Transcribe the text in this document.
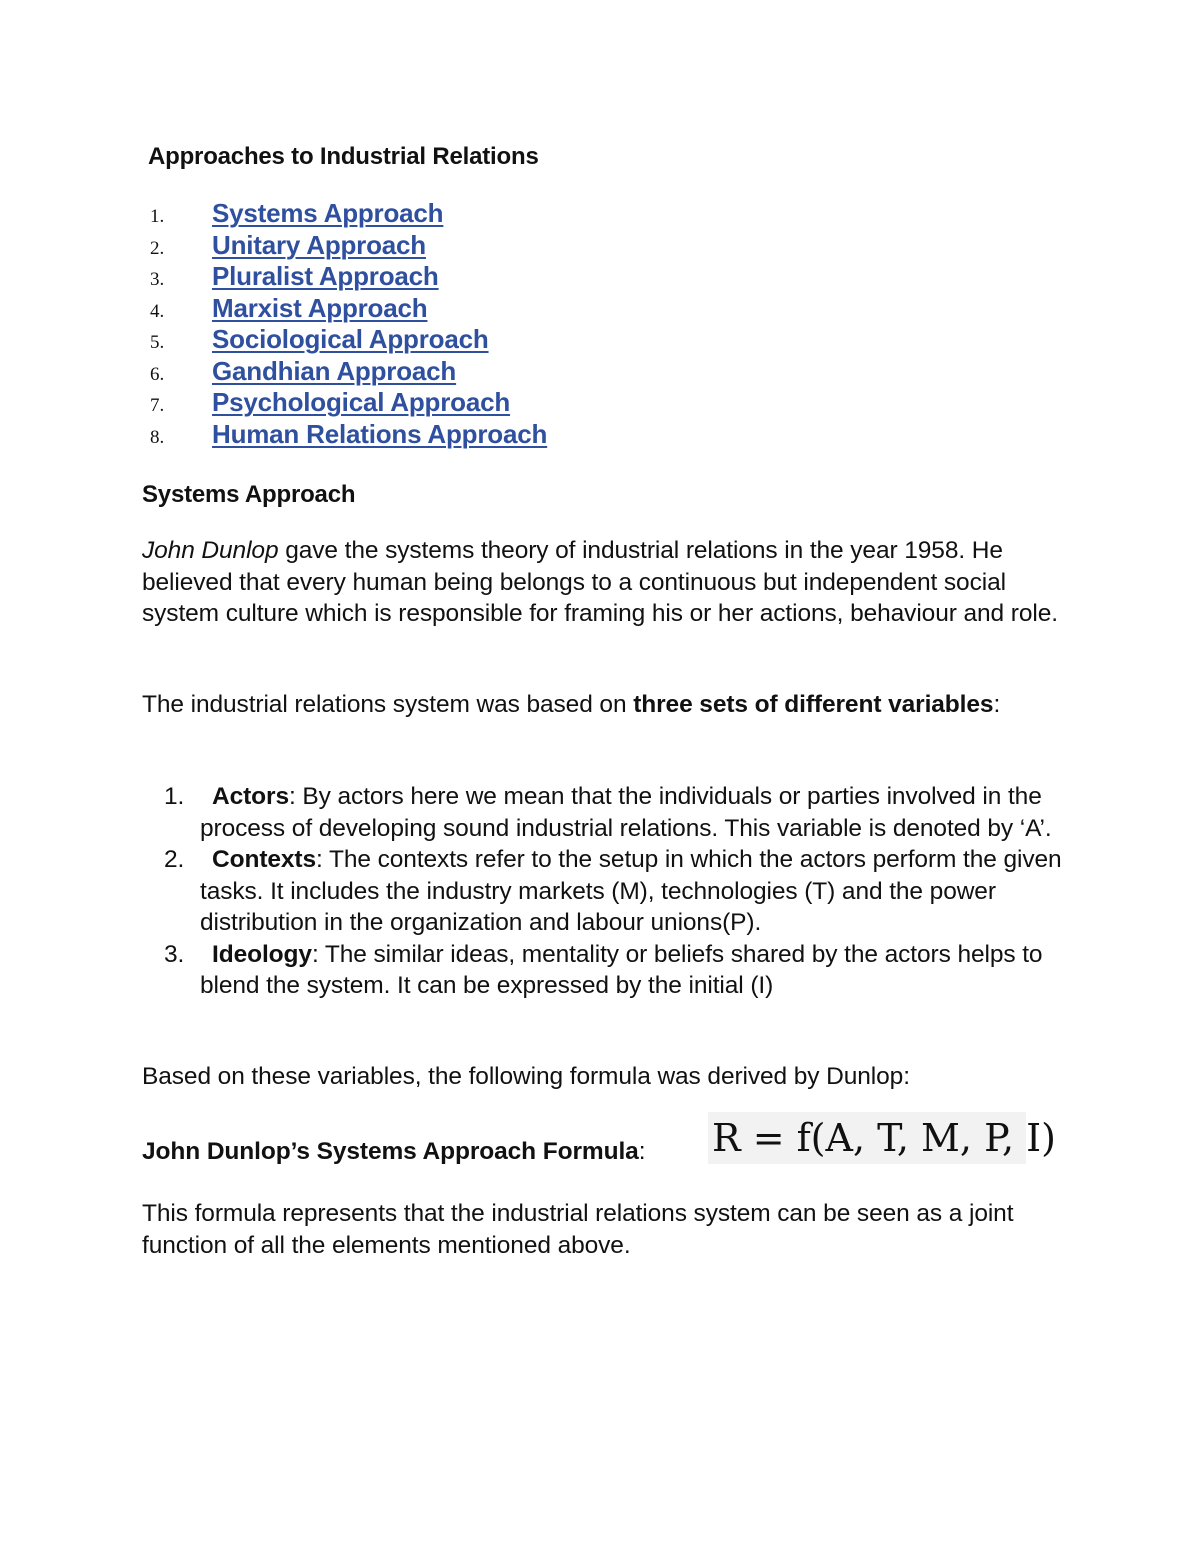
Approaches to Industrial Relations
1. Systems Approach
2. Unitary Approach
3. Pluralist Approach
4. Marxist Approach
5. Sociological Approach
6. Gandhian Approach
7. Psychological Approach
8. Human Relations Approach
Systems Approach

John Dunlop gave the systems theory of industrial relations in the year 1958. He believed that every human being belongs to a continuous but independent social system culture which is responsible for framing his or her actions, behaviour and role.

The industrial relations system was based on three sets of different variables:

1. Actors: By actors here we mean that the individuals or parties involved in the process of developing sound industrial relations. This variable is denoted by ‘A’.
2. Contexts: The contexts refer to the setup in which the actors perform the given tasks. It includes the industry markets (M), technologies (T) and the power distribution in the organization and labour unions(P).
3. Ideology: The similar ideas, mentality or beliefs shared by the actors helps to blend the system. It can be expressed by the initial (I)

Based on these variables, the following formula was derived by Dunlop:

John Dunlop’s Systems Approach Formula: R = f(A, T, M, P, I)

This formula represents that the industrial relations system can be seen as a joint function of all the elements mentioned above.
